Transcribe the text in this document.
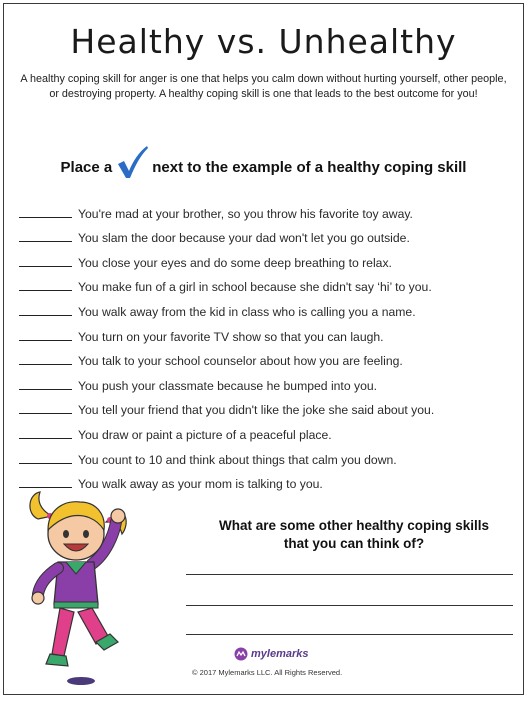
Healthy vs. Unhealthy
A healthy coping skill for anger is one that helps you calm down without hurting yourself, other people, or destroying property. A healthy coping skill is one that leads to the best outcome for you!
Place a	next to the example of a healthy coping skill
You're mad at your brother, so you throw his favorite toy away.
You slam the door because your dad won't let you go outside.
You close your eyes and do some deep breathing to relax.
You make fun of a girl in school because she didn't say ‘hi’ to you.
You walk away from the kid in class who is calling you a name.
You turn on your favorite TV show so that you can laugh.
You talk to your school counselor about how you are feeling.
You push your classmate because he bumped into you.
You tell your friend that you didn't like the joke she said about you.
You draw or paint a picture of a peaceful place.
You count to 10 and think about things that calm you down.
You walk away as your mom is talking to you.
What are some other healthy coping skills
that you can think of?
mylemarks
© 2017 Mylemarks LLC. All Rights Reserved.
